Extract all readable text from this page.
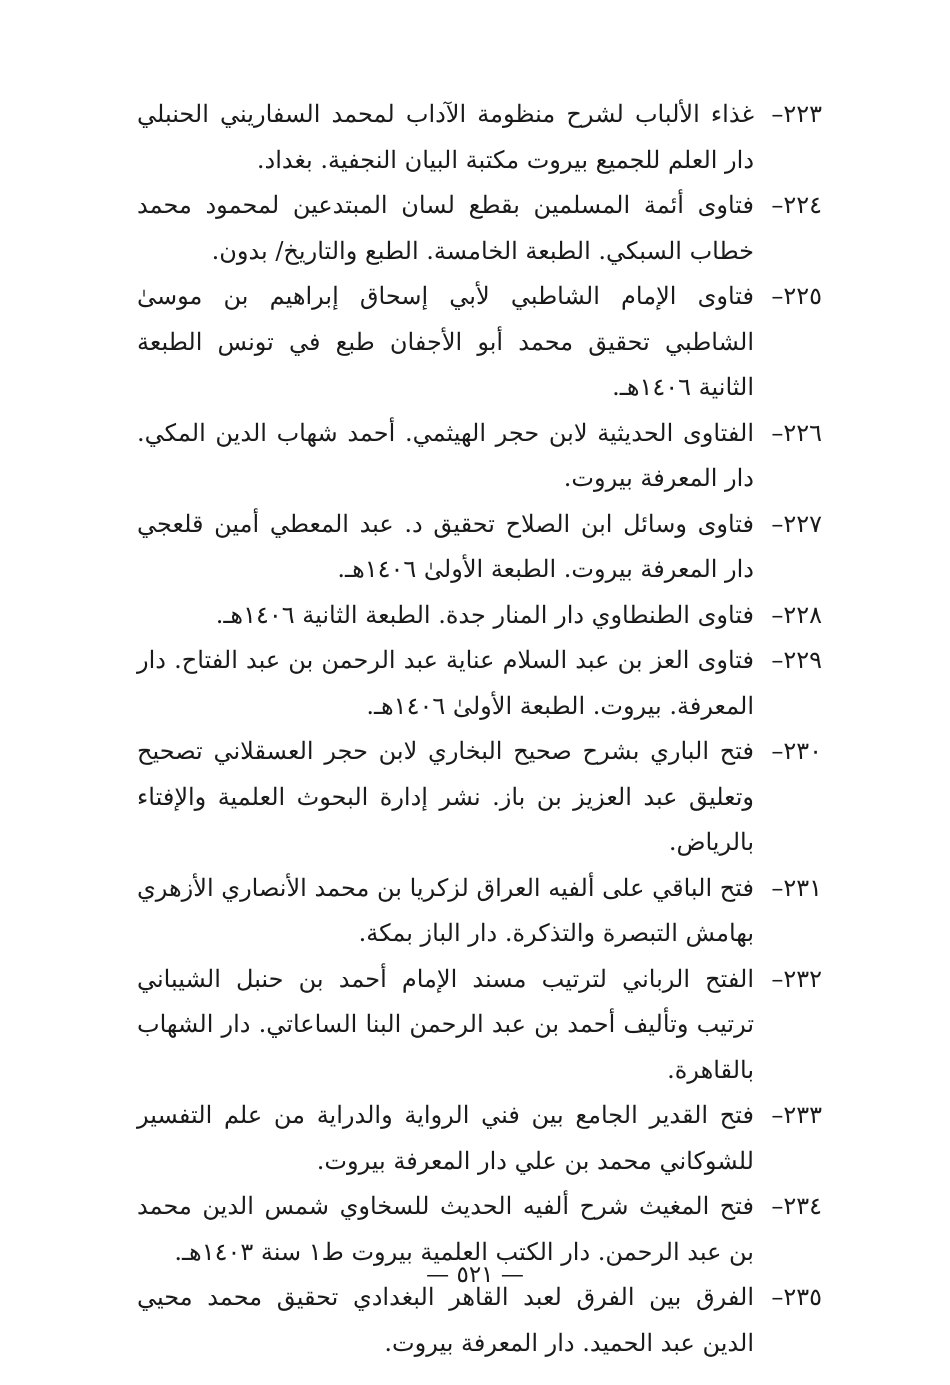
٢٢٣–
غذاء الألباب لشرح منظومة الآداب لمحمد السفاريني الحنبلي دار العلم للجميع بيروت مكتبة البيان النجفية. بغداد.
٢٢٤–
فتاوى أئمة المسلمين بقطع لسان المبتدعين لمحمود محمد خطاب السبكي. الطبعة الخامسة. الطبع والتاريخ/ بدون.
٢٢٥–
فتاوى الإمام الشاطبي لأبي إسحاق إبراهيم بن موسىٰ الشاطبي تحقيق محمد أبو الأجفان طبع في تونس الطبعة الثانية ١٤٠٦هـ.
٢٢٦–
الفتاوى الحديثية لابن حجر الهيثمي. أحمد شهاب الدين المكي. دار المعرفة بيروت.
٢٢٧–
فتاوى وسائل ابن الصلاح تحقيق د. عبد المعطي أمين قلعجي دار المعرفة بيروت. الطبعة الأولىٰ ١٤٠٦هـ.
٢٢٨–
فتاوى الطنطاوي دار المنار جدة. الطبعة الثانية ١٤٠٦هـ.
٢٢٩–
فتاوى العز بن عبد السلام عناية عبد الرحمن بن عبد الفتاح. دار المعرفة. بيروت. الطبعة الأولىٰ ١٤٠٦هـ.
٢٣٠–
فتح الباري بشرح صحيح البخاري لابن حجر العسقلاني تصحيح وتعليق عبد العزيز بن باز. نشر إدارة البحوث العلمية والإفتاء بالرياض.
٢٣١–
فتح الباقي على ألفيه العراق لزكريا بن محمد الأنصاري الأزهري بهامش التبصرة والتذكرة. دار الباز بمكة.
٢٣٢–
الفتح الرباني لترتيب مسند الإمام أحمد بن حنبل الشيباني ترتيب وتأليف أحمد بن عبد الرحمن البنا الساعاتي. دار الشهاب بالقاهرة.
٢٣٣–
فتح القدير الجامع بين فني الرواية والدراية من علم التفسير للشوكاني محمد بن علي دار المعرفة بيروت.
٢٣٤–
فتح المغيث شرح ألفيه الحديث للسخاوي شمس الدين محمد بن عبد الرحمن. دار الكتب العلمية بيروت ط١ سنة ١٤٠٣هـ.
٢٣٥–
الفرق بين الفرق لعبد القاهر البغدادي تحقيق محمد محيي الدين عبد الحميد. دار المعرفة بيروت.
— ٥٢١ —
